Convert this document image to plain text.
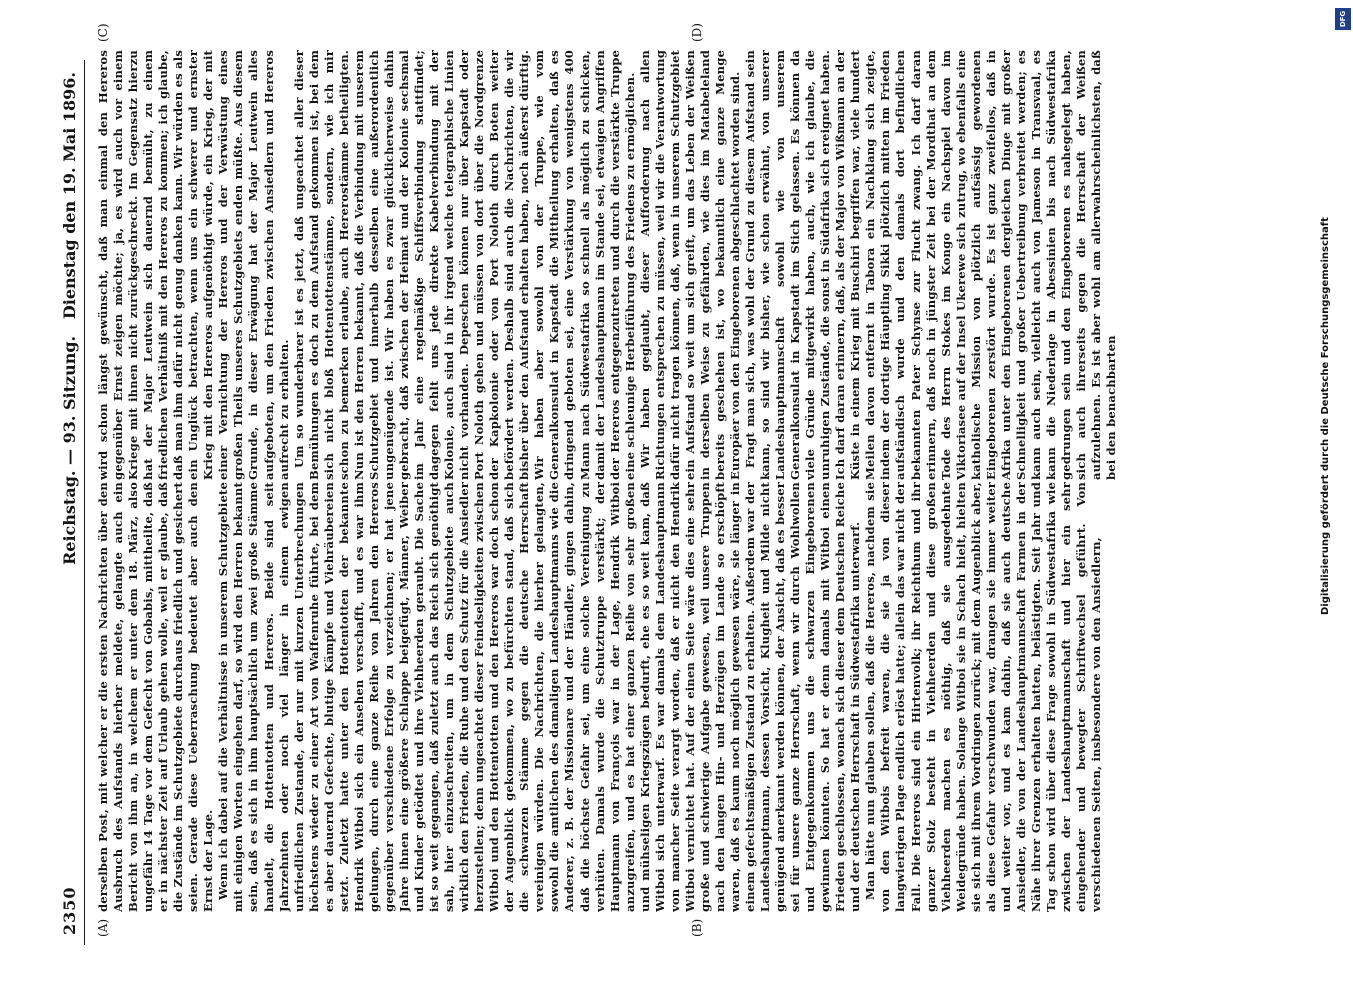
2350
Reichstag. — 93. Sitzung.
Dienstag den 19. Mai 1896.
(A)	(B)
(C)	(D)

derselben Post, mit welcher er die ersten Nachrichten über den Ausbruch des Aufstands hierher meldete, gelangte auch ein Bericht von ihm an, in welchem er unter dem 18. März, also ungefähr 14 Tage vor dem Gefecht von Gobabis, mittheilte, daß er in nächster Zeit auf Urlaub gehen wolle, weil er glaube, daß die Zustände im Schutzgebiete durchaus friedlich und gesichert seien. Gerade diese Ueberraschung bedeutet aber auch den Ernst der Lage. Wenn ich dabei auf die Verhältnisse in unserem Schutzgebiete mit einigen Worten eingehen darf, so wird den Herren bekannt sein, daß es sich in ihm hauptsächlich um zwei große Stämme handelt, die Hottentotten und Hereros. Beide sind seit Jahrzehnten oder noch viel länger in einem ewigen unfriedlichen Zustande, der nur mit kurzen Unterbrechungen höchstens wieder zu einer Art von Waffenruhe führte, bei dem es aber dauernd Gefechte, blutige Kämpfe und Viehräubereien setzt. Zuletzt hatte unter den Hottentotten der bekannte Hendrik Witboi sich ein Ansehen verschafft, und es war ihm gelungen, durch eine ganze Reihe von Jahren den Hereros gegenüber verschiedene Erfolge zu verzeichnen; er hat jene Jahre ihnen eine größere Schlappe beigefügt, Männer, Weiber und Kinder getödtet und ihre Viehheerden geraubt. Die Sache ist so weit gegangen, daß zuletzt auch das Reich sich genöthigt sah, hier einzuschreiten, um in dem Schutzgebiete auch wirklich den Frieden, die Ruhe und den Schutz für die Ansiedler herzustellen; denn ungeachtet dieser Feindseligkeiten zwischen Witboi und den Hottentotten und den Hereros war doch schon der Augenblick gekommen, wo zu befürchten stand, daß sich die schwarzen Stämme gegen die deutsche Herrschaft vereinigen würden. Die Nachrichten, die hierher gelangten, sowohl die amtlichen des damaligen Landeshauptmanns wie die Anderer, z. B. der Missionare und der Händler, gingen dahin, daß die höchste Gefahr sei, um eine solche Vereinigung zu verhüten. Damals wurde die Schutztruppe verstärkt; der Hauptmann von François war in der Lage, Hendrik Witboi anzugreifen, und es hat einer ganzen Reihe von sehr großen und mühseligen Kriegszügen bedurft, ehe es so weit kam, daß Witboi sich unterwarf. Es war damals dem Landeshauptmann von mancher Seite verargt worden, daß er nicht den Hendrik Witboi vernichtet hat. Auf der einen Seite wäre dies eine sehr große und schwierige Aufgabe gewesen, weil unsere Truppen nach den langen Hin- und Herzügen im Lande so erschöpft waren, daß es kaum noch möglich gewesen wäre, sie länger in einem gefechtsmäßigen Zustand zu erhalten. Außerdem war der Landeshauptmann, dessen Vorsicht, Klugheit und Milde nicht genügend anerkannt werden können, der Ansicht, daß es besser sei für unsere ganze Herrschaft, wenn wir durch Wohlwollen und Entgegenkommen uns die schwarzen Eingeborenen gewinnen könnten. So hat er denn damals mit Witboi einen Frieden geschlossen, wonach sich dieser dem Deutschen Reiche und der deutschen Herrschaft in Südwestafrika unterwarf. Man hätte nun glauben sollen, daß die Hereros, nachdem sie von den Witbois befreit waren, die sie ja von dieser langwierigen Plage endlich erlöst hatte; allein das war nicht der Fall. Die Hereros sind ein Hirtenvolk; ihr Reichthum und ihr ganzer Stolz besteht in Viehheerden und diese großen Viehheerden machen es nöthig, daß sie ausgedehnte Weidegründe haben. Solange Witboi sie in Schach hielt, hielten sie sich mit ihrem Vordringen zurück; mit dem Augenblick aber, als diese Gefahr verschwunden war, drangen sie immer weiter und weiter vor, und es kam dahin, daß sie auch deutsche Ansiedler, die von der Landeshauptmannschaft Farmen in der Nähe ihrer Grenzen erhalten hatten, belästigten. Seit Jahr und Tag schon wird über diese Frage sowohl in Südwestafrika wie zwischen der Landeshauptmannschaft und hier ein sehr eingehender und bewegter Schriftwechsel geführt. Von verschiedenen Seiten, insbesondere von den Ansiedlern,

wird schon längst gewünscht, daß man einmal den Hereros gegenüber Ernst zeigen möchte; ja, es wird auch vor einem Kriege mit ihnen nicht zurückgeschreckt. Im Gegensatz hierzu hat der Major Leutwein sich dauernd bemüht, zu einem friedlichen Verhältniß mit den Hereros zu kommen; ich glaube, daß man ihm dafür nicht genug danken kann. Wir würden es als ein Unglück betrachten, wenn uns ein schwerer und ernster Krieg mit den Hereros aufgenöthigt würde, ein Krieg, der mit einer Vernichtung der Hereros und der Verwüstung eines großen Theils unseres Schutzgebiets enden müßte. Aus diesem Grunde, in dieser Erwägung hat der Major Leutwein alles aufgeboten, um den Frieden zwischen Ansiedlern und Hereros aufrecht zu erhalten. Um so wunderbarer ist es jetzt, daß ungeachtet aller dieser Bemühungen es doch zu dem Aufstand gekommen ist, bei dem sich nicht bloß Hottentottenstämme, sondern, wie ich mir schon zu bemerken erlaube, auch Hererostämme betheiligten. Nun ist den Herren bekannt, daß die Verbindung mit unserem Schutzgebiet und innerhalb desselben eine außerordentlich ungenügende ist. Wir haben es zwar glücklicherweise dahin gebracht, daß zwischen der Heimat und der Kolonie sechsmal im Jahr eine regelmäßige Schiffsverbindung stattfindet; dagegen fehlt uns jede direkte Kabelverbindung mit der Kolonie, auch sind in ihr irgend welche telegraphische Linien nicht vorhanden. Depeschen können nur über Kapstadt oder Port Noloth gehen und müssen von dort über die Nordgrenze der Kapkolonie oder von Port Noloth durch Boten weiter befördert werden. Deshalb sind auch die Nachrichten, die wir bisher über den Aufstand erhalten haben, noch äußerst dürftig. Wir haben aber sowohl von der Truppe, wie vom Generalkonsulat in Kapstadt die Mittheilung erhalten, daß es dringend geboten sei, eine Verstärkung von wenigstens 400 Mann nach Südwestafrika so schnell als möglich zu schicken, damit der Landeshauptmann im Stande sei, etwaigen Angriffen der Hereros entgegenzutreten und durch die verstärkte Truppe eine schleunige Herbeiführung des Friedens zu ermöglichen. Wir haben geglaubt, dieser Aufforderung nach allen Richtungen entsprechen zu müssen, weil wir die Verantwortung dafür nicht tragen können, daß, wenn in unserem Schutzgebiet ein Aufstand so weit um sich greift, um das Leben der Weißen in derselben Weise zu gefährden, wie dies im Matabeleland bereits geschehen ist, wo bekanntlich eine ganze Menge Europäer von den Eingeborenen abgeschlachtet worden sind. Fragt man sich, was wohl der Grund zu diesem Aufstand sein kann, so sind wir bisher, wie schon erwähnt, von unserer Landeshauptmannschaft sowohl wie von unserem Generalkonsulat in Kapstadt im Stich gelassen. Es können da viele Gründe mitgewirkt haben, auch, wie ich glaube, die unruhigen Zustände, die sonst in Südafrika sich ereignet haben. Ich darf daran erinnern, daß, als der Major von Wißmann an der Küste in einem Krieg mit Buschiri begriffen war, viele hundert Meilen davon entfernt in Tabora ein Nachklang sich zeigte, indem der dortige Häuptling Sikki plötzlich mitten im Frieden aufständisch wurde und den damals dort befindlichen bekannten Pater Schynse zur Flucht zwang. Ich darf daran erinnern, daß noch in jüngster Zeit bei der Mordthat an dem Tode des Herrn Stokes im Kongo ein Nachspiel davon im Viktoriasee auf der Insel Ukerewe sich zutrug, wo ebenfalls eine katholische Mission von plötzlich aufsässig gewordenen Eingeborenen zerstört wurde. Es ist ganz zweifellos, daß in Afrika unter den Eingeborenen dergleichen Dinge mit großer Schnelligkeit und großer Uebertreibung verbreitet werden; es kann auch sein, vielleicht auch von Jameson in Transvaal, es kann die Niederlage in Abessinien bis nach Südwestafrika gedrungen sein und den Eingeborenen es nahegelegt haben, sich auch ihrerseits gegen die Herrschaft der Weißen aufzulehnen. Es ist aber wohl am allerwahrscheinlichsten, daß bei den benachbarten

DFG
Digitalisierung gefördert durch die Deutsche Forschungsgemeinschaft
